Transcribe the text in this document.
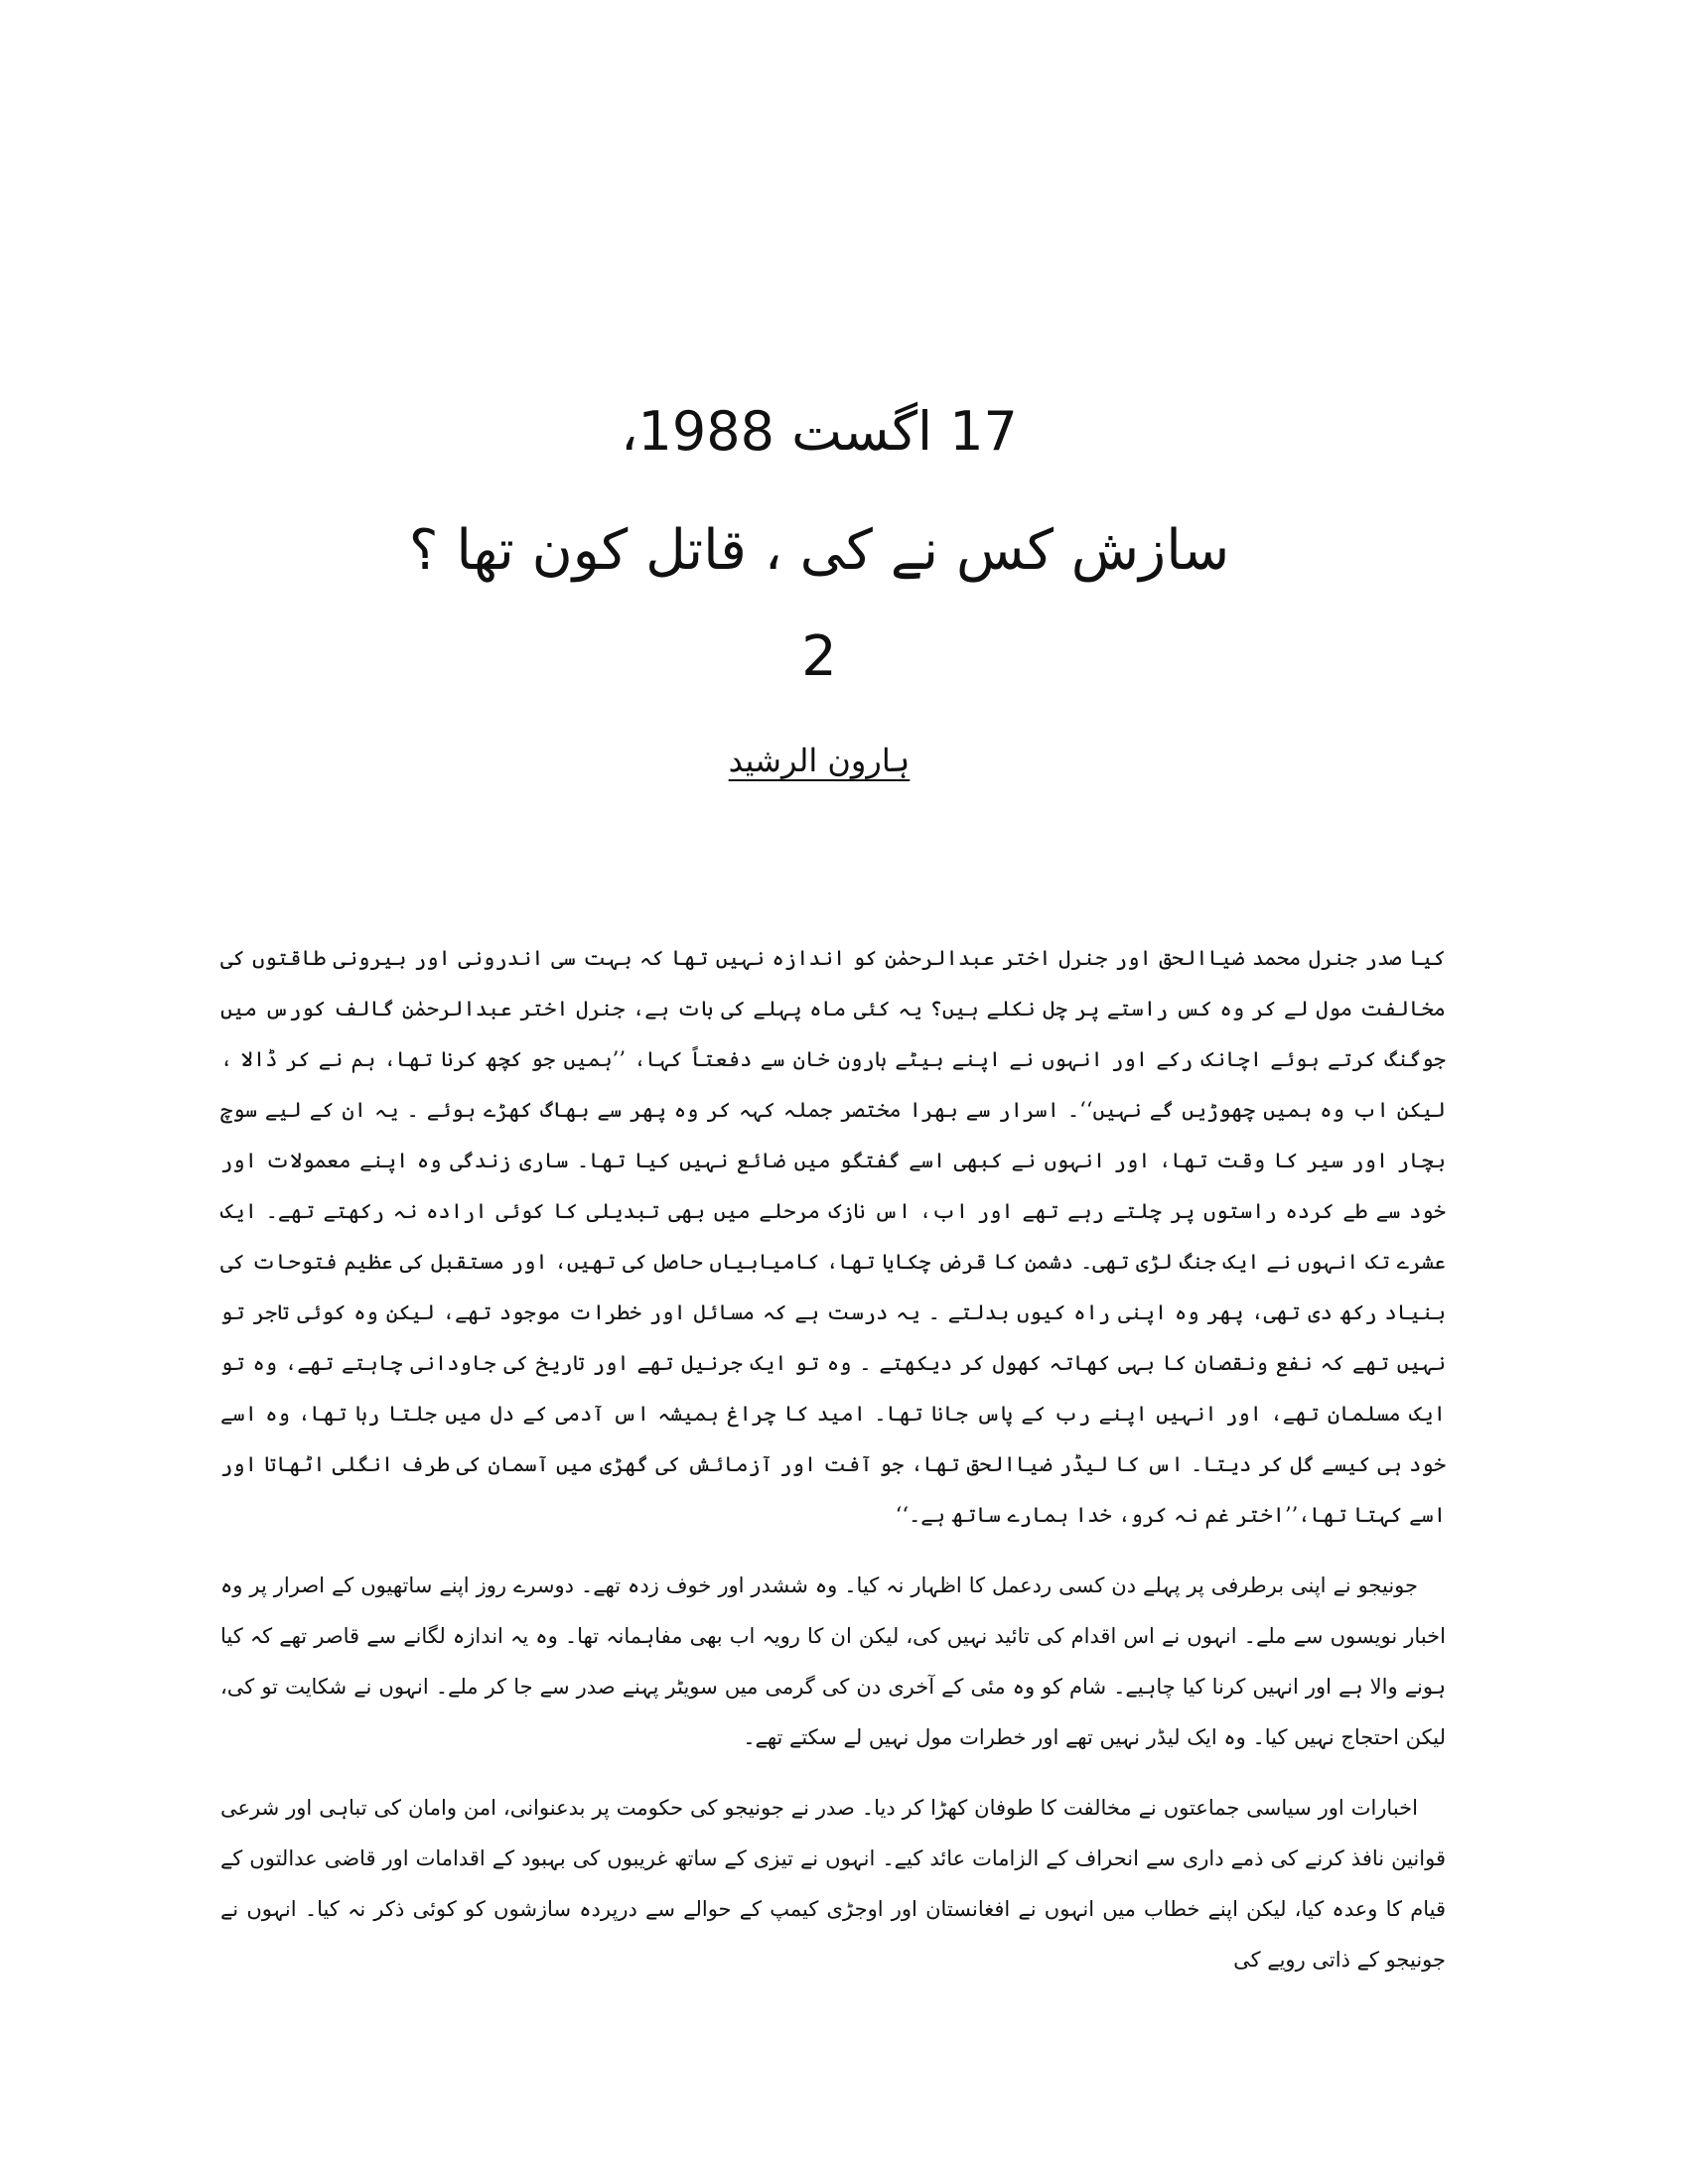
17 اگست 1988،
سازش کس نے کی ، قاتل کون تھا ؟
2
ہارون الرشید

کیا صدر جنرل محمد ضیاالحق اور جنرل اختر عبدالرحمٰن کو اندازہ نہیں تھا کہ بہت سی اندرونی اور بیرونی طاقتوں کی مخالفت مول لے کر وہ کس راستے پر چل نکلے ہیں؟ یہ کئی ماہ پہلے کی بات ہے، جنرل اختر عبدالرحمٰن گالف کورس میں جوگنگ کرتے ہوئے اچانک رکے اور انہوں نے اپنے بیٹے ہارون خان سے دفعتاً کہا، ’’ہمیں جو کچھ کرنا تھا، ہم نے کر ڈالا ، لیکن اب وہ ہمیں چھوڑیں گے نہیں‘‘۔ اسرار سے بھرا مختصر جملہ کہہ کر وہ پھر سے بھاگ کھڑے ہوئے ۔ یہ ان کے لیے سوچ بچار اور سیر کا وقت تھا، اور انہوں نے کبھی اسے گفتگو میں ضائع نہیں کیا تھا۔ ساری زندگی وہ اپنے معمولات اور خود سے طے کردہ راستوں پر چلتے رہے تھے اور اب، اس نازک مرحلے میں بھی تبدیلی کا کوئی ارادہ نہ رکھتے تھے۔ ایک عشرے تک انہوں نے ایک جنگ لڑی تھی۔ دشمن کا قرض چکایا تھا، کامیابیاں حاصل کی تھیں، اور مستقبل کی عظیم فتوحات کی بنیاد رکھ دی تھی، پھر وہ اپنی راہ کیوں بدلتے ۔ یہ درست ہے کہ مسائل اور خطرات موجود تھے، لیکن وہ کوئی تاجر تو نہیں تھے کہ نفع ونقصان کا بہی کھاتہ کھول کر دیکھتے ۔ وہ تو ایک جرنیل تھے اور تاریخ کی جاودانی چاہتے تھے، وہ تو ایک مسلمان تھے، اور انہیں اپنے رب کے پاس جانا تھا۔ امید کا چراغ ہمیشہ اس آدمی کے دل میں جلتا رہا تھا، وہ اسے خود ہی کیسے گل کر دیتا۔ اس کا لیڈر ضیاالحق تھا، جو آفت اور آزمائش کی گھڑی میں آسمان کی طرف انگلی اٹھاتا اور اسے کہتا تھا،’’اختر غم نہ کرو، خدا ہمارے ساتھ ہے۔‘‘

جونیجو نے اپنی برطرفی پر پہلے دن کسی ردعمل کا اظہار نہ کیا۔ وہ ششدر اور خوف زدہ تھے۔ دوسرے روز اپنے ساتھیوں کے اصرار پر وہ اخبار نویسوں سے ملے۔ انہوں نے اس اقدام کی تائید نہیں کی، لیکن ان کا رویہ اب بھی مفاہمانہ تھا۔ وہ یہ اندازہ لگانے سے قاصر تھے کہ کیا ہونے والا ہے اور انہیں کرنا کیا چاہیے۔ شام کو وہ مئی کے آخری دن کی گرمی میں سویٹر پہنے صدر سے جا کر ملے۔ انہوں نے شکایت تو کی، لیکن احتجاج نہیں کیا۔ وہ ایک لیڈر نہیں تھے اور خطرات مول نہیں لے سکتے تھے۔

اخبارات اور سیاسی جماعتوں نے مخالفت کا طوفان کھڑا کر دیا۔ صدر نے جونیجو کی حکومت پر بدعنوانی، امن وامان کی تباہی اور شرعی قوانین نافذ کرنے کی ذمے داری سے انحراف کے الزامات عائد کیے۔ انہوں نے تیزی کے ساتھ غریبوں کی بہبود کے اقدامات اور قاضی عدالتوں کے قیام کا وعدہ کیا، لیکن اپنے خطاب میں انہوں نے افغانستان اور اوجڑی کیمپ کے حوالے سے درپردہ سازشوں کو کوئی ذکر نہ کیا۔ انہوں نے جونیجو کے ذاتی رویے کی
